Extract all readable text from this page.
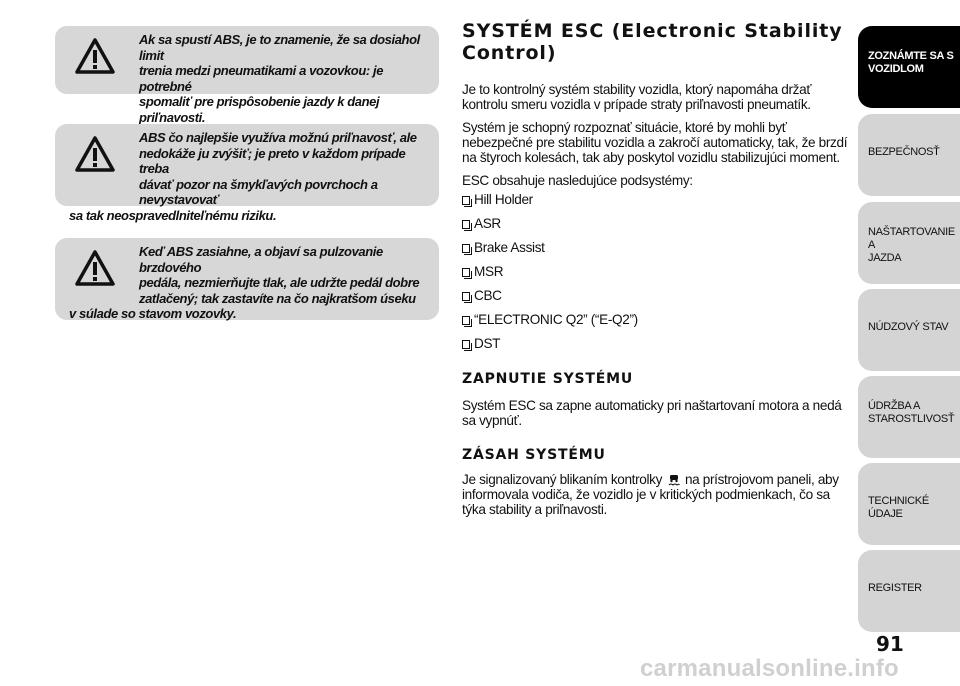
Ak sa spustí ABS, je to znamenie, že sa dosiahol limit
trenia medzi pneumatikami a vozovkou: je potrebné
spomaliť pre prispôsobenie jazdy k danej priľnavosti.
ABS čo najlepšie využíva možnú priľnavosť, ale
nedokáže ju zvýšiť; je preto v každom prípade treba
dávať pozor na šmykľavých povrchoch a nevystavovať
sa tak neospravedlniteľnému riziku.
Keď ABS zasiahne, a objaví sa pulzovanie brzdového
pedála, nezmierňujte tlak, ale udržte pedál dobre
zatlačený; tak zastavíte na čo najkratšom úseku
v súlade so stavom vozovky.
SYSTÉM ESC (Electronic Stability Control)

Je to kontrolný systém stability vozidla, ktorý napomáha držať kontrolu smeru vozidla v prípade straty priľnavosti pneumatík.

Systém je schopný rozpoznať situácie, ktoré by mohli byť nebezpečné pre stabilitu vozidla a zakročí automaticky, tak, že brzdí na štyroch kolesách, tak aby poskytol vozidlu stabilizujúci moment.

ESC obsahuje nasledujúce podsystémy:

Hill Holder
ASR
Brake Assist
MSR
CBC
“ELECTRONIC Q2” (“E-Q2”)
DST
ZAPNUTIE SYSTÉMU

Systém ESC sa zapne automaticky pri naštartovaní motora a nedá sa vypnúť.

ZÁSAH SYSTÉMU

Je signalizovaný blikaním kontrolky na prístrojovom paneli, aby informovala vodiča, že vozidlo je v kritických podmienkach, čo sa týka stability a priľnavosti.

ZOZNÁMTE SA S
VOZIDLOM
BEZPEČNOSŤ
NAŠTARTOVANIE A
JAZDA
NÚDZOVÝ STAV
ÚDRŽBA A
STAROSTLIVOSŤ
TECHNICKÉ ÚDAJE
REGISTER
91
carmanualsonline.info
